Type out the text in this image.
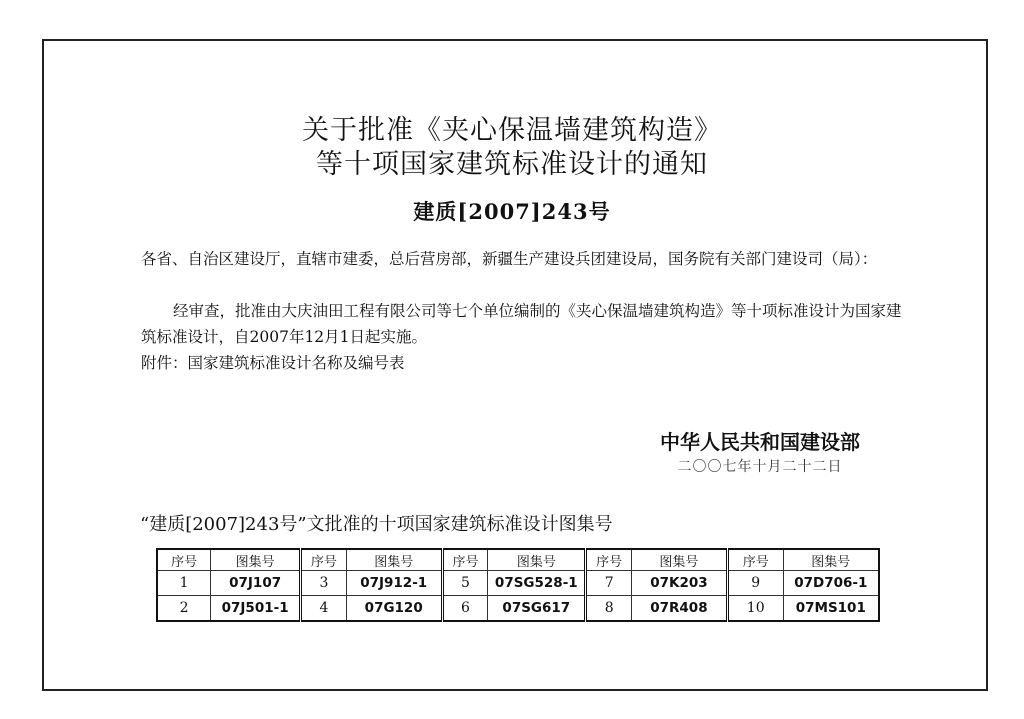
关于批准《夹心保温墙建筑构造》
等十项国家建筑标准设计的通知
建质[2007]243号
各省、自治区建设厅，直辖市建委，总后营房部，新疆生产建设兵团建设局，国务院有关部门建设司（局）：
经审查，批准由大庆油田工程有限公司等七个单位编制的《夹心保温墙建筑构造》等十项标准设计为国家建筑标准设计，自2007年12月1日起实施。
附件：国家建筑标准设计名称及编号表
中华人民共和国建设部
二〇〇七年十月二十二日
“建质[2007]243号”文批准的十项国家建筑标准设计图集号
序号	图集号	序号	图集号	序号	图集号	序号	图集号	序号	图集号
1	07J107	3	07J912-1	5	07SG528-1	7	07K203	9	07D706-1
2	07J501-1	4	07G120	6	07SG617	8	07R408	10	07MS101
